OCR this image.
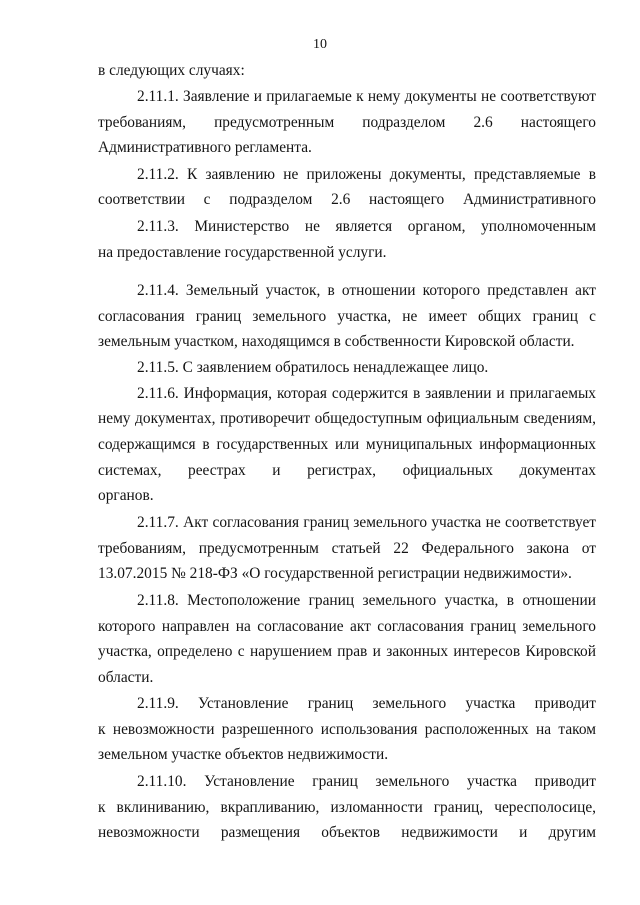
10
в следующих случаях:
2.11.1. Заявление и прилагаемые к нему документы не соответствуют
требованиям, предусмотренным подразделом 2.6 настоящего
Административного регламента.
2.11.2. К заявлению не приложены документы, представляемые в
соответствии с подразделом 2.6 настоящего Административного
2.11.3. Министерство не является органом, уполномоченным
на предоставление государственной услуги.
2.11.4. Земельный участок, в отношении которого представлен акт
согласования границ земельного участка, не имеет общих границ с
земельным участком, находящимся в собственности Кировской области.
2.11.5. С заявлением обратилось ненадлежащее лицо.
2.11.6. Информация, которая содержится в заявлении и прилагаемых
нему документах, противоречит общедоступным официальным сведениям,
содержащимся в государственных или муниципальных информационных
системах, реестрах и регистрах, официальных документах
органов.
2.11.7. Акт согласования границ земельного участка не соответствует
требованиям, предусмотренным статьей 22 Федерального закона от
13.07.2015 № 218-ФЗ «О государственной регистрации недвижимости».
2.11.8. Местоположение границ земельного участка, в отношении
которого направлен на согласование акт согласования границ земельного
участка, определено с нарушением прав и законных интересов Кировской
области.
2.11.9. Установление границ земельного участка приводит
к невозможности разрешенного использования расположенных на таком
земельном участке объектов недвижимости.
2.11.10. Установление границ земельного участка приводит
к вклиниванию, вкрапливанию, изломанности границ, чересполосице,
невозможности размещения объектов недвижимости и другим
